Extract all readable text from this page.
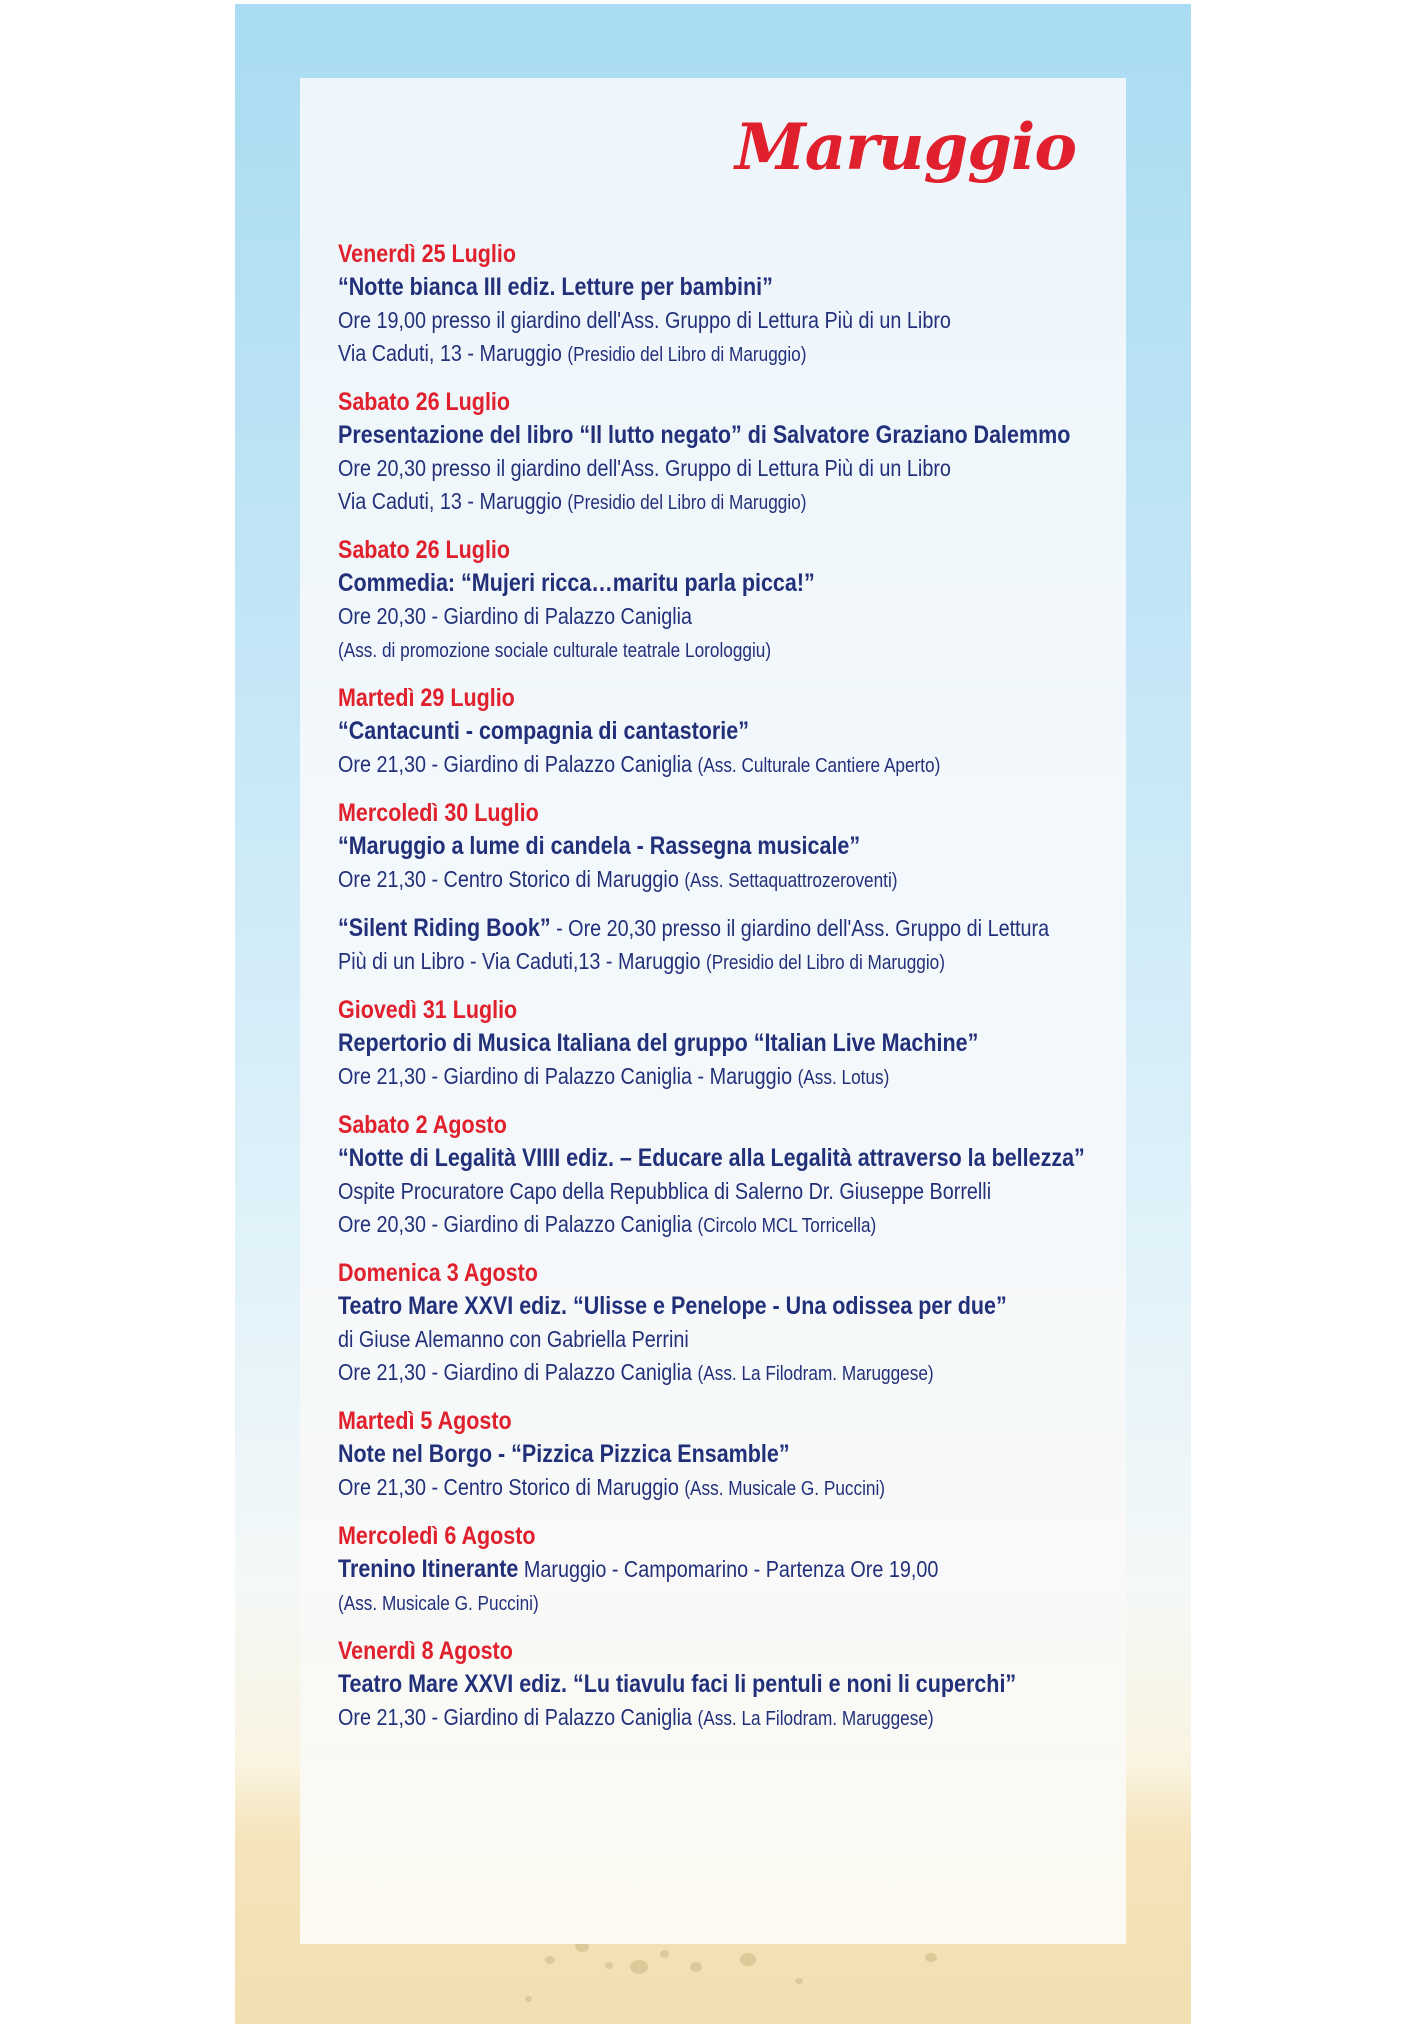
Maruggio
Venerdì 25 Luglio
“Notte bianca III ediz. Letture per bambini”
Ore 19,00 presso il giardino dell'Ass. Gruppo di Lettura Più di un Libro
Via Caduti, 13 - Maruggio (Presidio del Libro di Maruggio)
Sabato 26 Luglio
Presentazione del libro “Il lutto negato” di Salvatore Graziano Dalemmo
Ore 20,30 presso il giardino dell'Ass. Gruppo di Lettura Più di un Libro
Via Caduti, 13 - Maruggio (Presidio del Libro di Maruggio)
Sabato 26 Luglio
Commedia: “Mujeri ricca…maritu parla picca!”
Ore 20,30 - Giardino di Palazzo Caniglia
(Ass. di promozione sociale culturale teatrale Lorologgiu)
Martedì 29 Luglio
“Cantacunti - compagnia di cantastorie”
Ore 21,30 - Giardino di Palazzo Caniglia (Ass. Culturale Cantiere Aperto)
Mercoledì 30 Luglio
“Maruggio a lume di candela - Rassegna musicale”
Ore 21,30 - Centro Storico di Maruggio (Ass. Settaquattrozeroventi)
“Silent Riding Book” - Ore 20,30 presso il giardino dell'Ass. Gruppo di Lettura
Più di un Libro - Via Caduti,13 - Maruggio (Presidio del Libro di Maruggio)
Giovedì 31 Luglio
Repertorio di Musica Italiana del gruppo “Italian Live Machine”
Ore 21,30 - Giardino di Palazzo Caniglia - Maruggio (Ass. Lotus)
Sabato 2 Agosto
“Notte di Legalità VIIII ediz. – Educare alla Legalità attraverso la bellezza”
Ospite Procuratore Capo della Repubblica di Salerno Dr. Giuseppe Borrelli
Ore 20,30 - Giardino di Palazzo Caniglia (Circolo MCL Torricella)
Domenica 3 Agosto
Teatro Mare XXVI ediz. “Ulisse e Penelope - Una odissea per due”
di Giuse Alemanno con Gabriella Perrini
Ore 21,30 - Giardino di Palazzo Caniglia (Ass. La Filodram. Maruggese)
Martedì 5 Agosto
Note nel Borgo - “Pizzica Pizzica Ensamble”
Ore 21,30 - Centro Storico di Maruggio (Ass. Musicale G. Puccini)
Mercoledì 6 Agosto
Trenino Itinerante Maruggio - Campomarino - Partenza Ore 19,00
(Ass. Musicale G. Puccini)
Venerdì 8 Agosto
Teatro Mare XXVI ediz. “Lu tiavulu faci li pentuli e noni li cuperchi”
Ore 21,30 - Giardino di Palazzo Caniglia (Ass. La Filodram. Maruggese)
